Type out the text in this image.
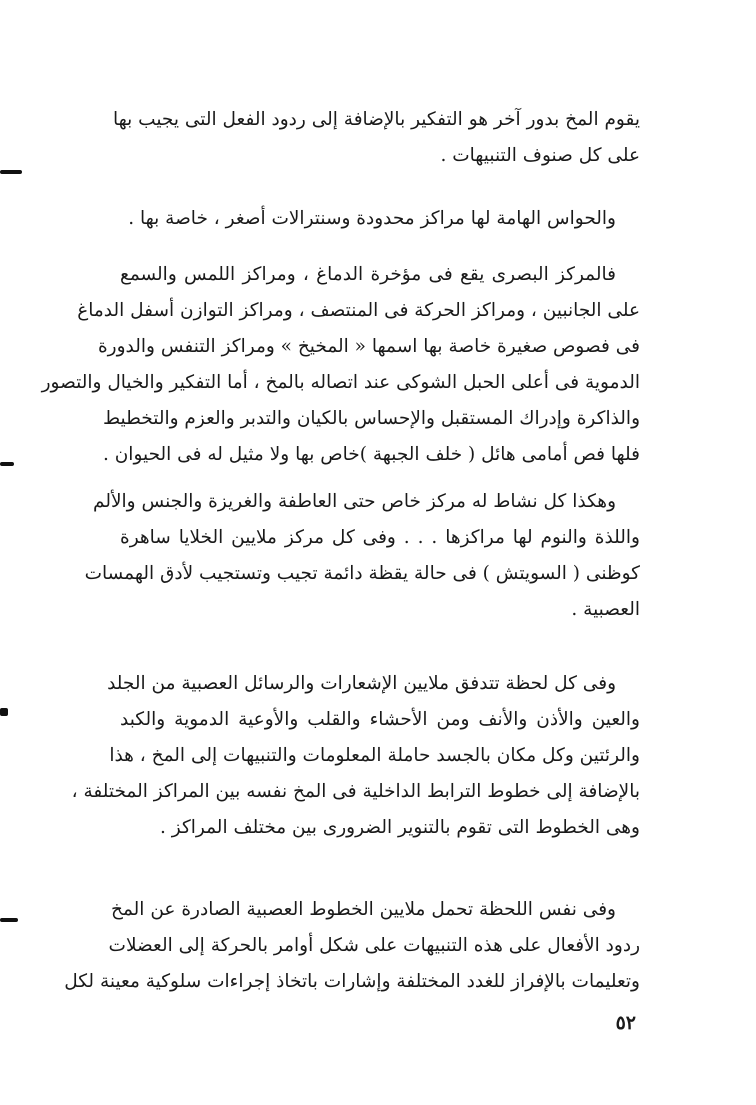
يقوم المخ بدور آخر هو التفكير بالإضافة إلى ردود الفعل التى يجيب بها
على كل صنوف التنبيهات .
والحواس الهامة لها مراكز محدودة وسنترالات أصغر ، خاصة بها .
فالمركز البصرى يقع فى مؤخرة الدماغ ، ومراكز اللمس والسمع
على الجانبين ، ومراكز الحركة فى المنتصف ، ومراكز التوازن أسفل الدماغ
فى فصوص صغيرة خاصة بها اسمها « المخيخ » ومراكز التنفس والدورة
الدموية فى أعلى الحبل الشوكى عند اتصاله بالمخ ، أما التفكير والخيال والتصور
والذاكرة وإدراك المستقبل والإحساس بالكيان والتدبر والعزم والتخطيط
فلها فص أمامى هائل ( خلف الجبهة )خاص بها ولا مثيل له فى الحيوان .
وهكذا كل نشاط له مركز خاص حتى العاطفة والغريزة والجنس والألم
واللذة والنوم لها مراكزها . . . وفى كل مركز ملايين الخلايا ساهرة
كوظنى ( السويتش ) فى حالة يقظة دائمة تجيب وتستجيب لأدق الهمسات
العصبية .
وفى كل لحظة تتدفق ملايين الإشعارات والرسائل العصبية من الجلد
والعين والأذن والأنف ومن الأحشاء والقلب والأوعية الدموية والكبد
والرئتين وكل مكان بالجسد حاملة المعلومات والتنبيهات إلى المخ ، هذا
بالإضافة إلى خطوط الترابط الداخلية فى المخ نفسه بين المراكز المختلفة ،
وهى الخطوط التى تقوم بالتنوير الضرورى بين مختلف المراكز .
وفى نفس اللحظة تحمل ملايين الخطوط العصبية الصادرة عن المخ
ردود الأفعال على هذه التنبيهات على شكل أوامر بالحركة إلى العضلات
وتعليمات بالإفراز للغدد المختلفة وإشارات باتخاذ إجراءات سلوكية معينة لكل
٥٢
